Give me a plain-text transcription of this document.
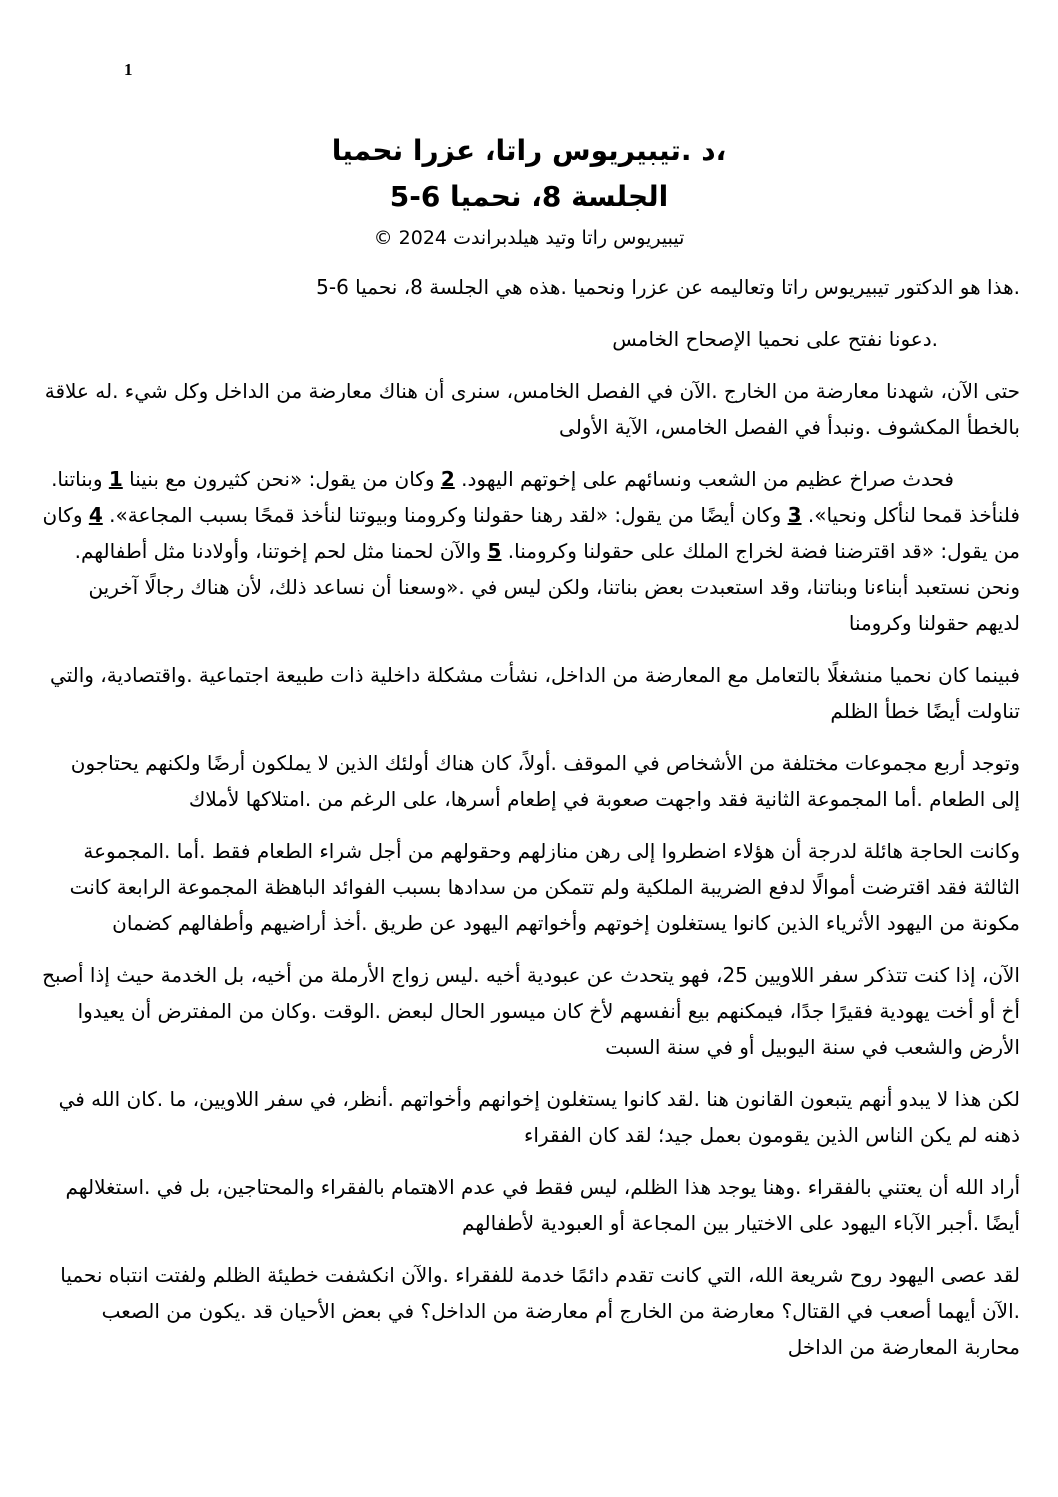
1
،د .تيبيريوس راتا، عزرا نحميا
الجلسة 8، نحميا 6-5
تيبيريوس راتا وتيد هيلدبراندت 2024 ©

.هذا هو الدكتور تيبيريوس راتا وتعاليمه عن عزرا ونحميا .هذه هي الجلسة 8، نحميا 6-5

.دعونا نفتح على نحميا الإصحاح الخامس

حتى الآن، شهدنا معارضة من الخارج .الآن في الفصل الخامس، سنرى أن هناك معارضة من الداخل وكل شيء .له علاقة بالخطأ المكشوف .ونبدأ في الفصل الخامس، الآية الأولى

فحدث صراخ عظيم من الشعب ونسائهم على إخوتهم اليهود. 2 وكان من يقول: «نحن كثيرون مع بنينا 1 وبناتنا. فلنأخذ قمحا لنأكل ونحيا». 3 وكان أيضًا من يقول: «لقد رهنا حقولنا وكرومنا وبيوتنا لنأخذ قمحًا بسبب المجاعة». 4 وكان من يقول: «قد اقترضنا فضة لخراج الملك على حقولنا وكرومنا. 5 والآن لحمنا مثل لحم إخوتنا، وأولادنا مثل أطفالهم. ونحن نستعبد أبناءنا وبناتنا، وقد استعبدت بعض بناتنا، ولكن ليس في .«وسعنا أن نساعد ذلك، لأن هناك رجالًا آخرين لديهم حقولنا وكرومنا

فبينما كان نحميا منشغلًا بالتعامل مع المعارضة من الداخل، نشأت مشكلة داخلية ذات طبيعة اجتماعية .واقتصادية، والتي تناولت أيضًا خطأ الظلم

وتوجد أربع مجموعات مختلفة من الأشخاص في الموقف .أولاً، كان هناك أولئك الذين لا يملكون أرضًا ولكنهم يحتاجون إلى الطعام .أما المجموعة الثانية فقد واجهت صعوبة في إطعام أسرها، على الرغم من .امتلاكها لأملاك

وكانت الحاجة هائلة لدرجة أن هؤلاء اضطروا إلى رهن منازلهم وحقولهم من أجل شراء الطعام فقط .أما .المجموعة الثالثة فقد اقترضت أموالًا لدفع الضريبة الملكية ولم تتمكن من سدادها بسبب الفوائد الباهظة المجموعة الرابعة كانت مكونة من اليهود الأثرياء الذين كانوا يستغلون إخوتهم وأخواتهم اليهود عن طريق .أخذ أراضيهم وأطفالهم كضمان

الآن، إذا كنت تتذكر سفر اللاويين 25، فهو يتحدث عن عبودية أخيه .ليس زواج الأرملة من أخيه، بل الخدمة حيث إذا أصبح أخ أو أخت يهودية فقيرًا جدًا، فيمكنهم بيع أنفسهم لأخ كان ميسور الحال لبعض .الوقت .وكان من المفترض أن يعيدوا الأرض والشعب في سنة اليوبيل أو في سنة السبت

لكن هذا لا يبدو أنهم يتبعون القانون هنا .لقد كانوا يستغلون إخوانهم وأخواتهم .أنظر، في سفر اللاويين، ما .كان الله في ذهنه لم يكن الناس الذين يقومون بعمل جيد؛ لقد كان الفقراء

أراد الله أن يعتني بالفقراء .وهنا يوجد هذا الظلم، ليس فقط في عدم الاهتمام بالفقراء والمحتاجين، بل في .استغلالهم أيضًا .أجبر الآباء اليهود على الاختيار بين المجاعة أو العبودية لأطفالهم

لقد عصى اليهود روح شريعة الله، التي كانت تقدم دائمًا خدمة للفقراء .والآن انكشفت خطيئة الظلم ولفتت انتباه نحميا .الآن أيهما أصعب في القتال؟ معارضة من الخارج أم معارضة من الداخل؟ في بعض الأحيان قد .يكون من الصعب محاربة المعارضة من الداخل
